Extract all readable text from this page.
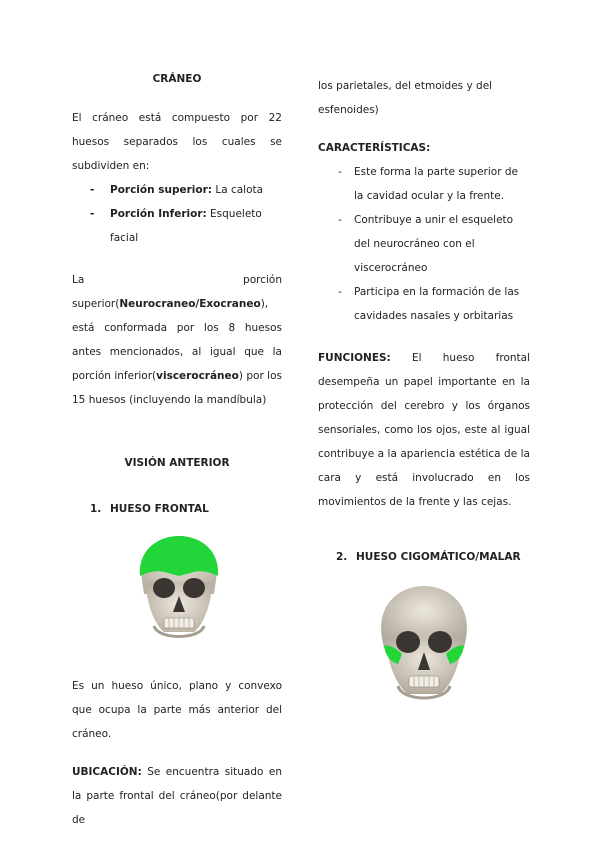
CRÁNEO

El cráneo está compuesto por 22 huesos separados los cuales se subdividen en:

- Porción superior: La calota
- Porción Inferior: Esqueleto facial

La porción superior(Neurocraneo/Exocraneo), está conformada por los 8 huesos antes mencionados, al igual que la porción inferior(viscerocráneo) por los 15 huesos (incluyendo la mandíbula)

VISIÓN ANTERIOR

1. HUESO FRONTAL

Es un hueso único, plano y convexo que ocupa la parte más anterior del cráneo.

UBICACIÓN: Se encuentra situado en la parte frontal del cráneo(por delante de

los parietales, del etmoides y del esfenoides)

CARACTERÍSTICAS:

- Este forma la parte superior de la cavidad ocular y la frente.
- Contribuye a unir el esqueleto del neurocráneo con el viscerocráneo
- Participa en la formación de las cavidades nasales y orbitarias

FUNCIONES: El hueso frontal desempeña un papel importante en la protección del cerebro y los órganos sensoriales, como los ojos, este al igual contribuye a la apariencia estética de la cara y está involucrado en los movimientos de la frente y las cejas.

2. HUESO CIGOMÁTICO/MALAR
